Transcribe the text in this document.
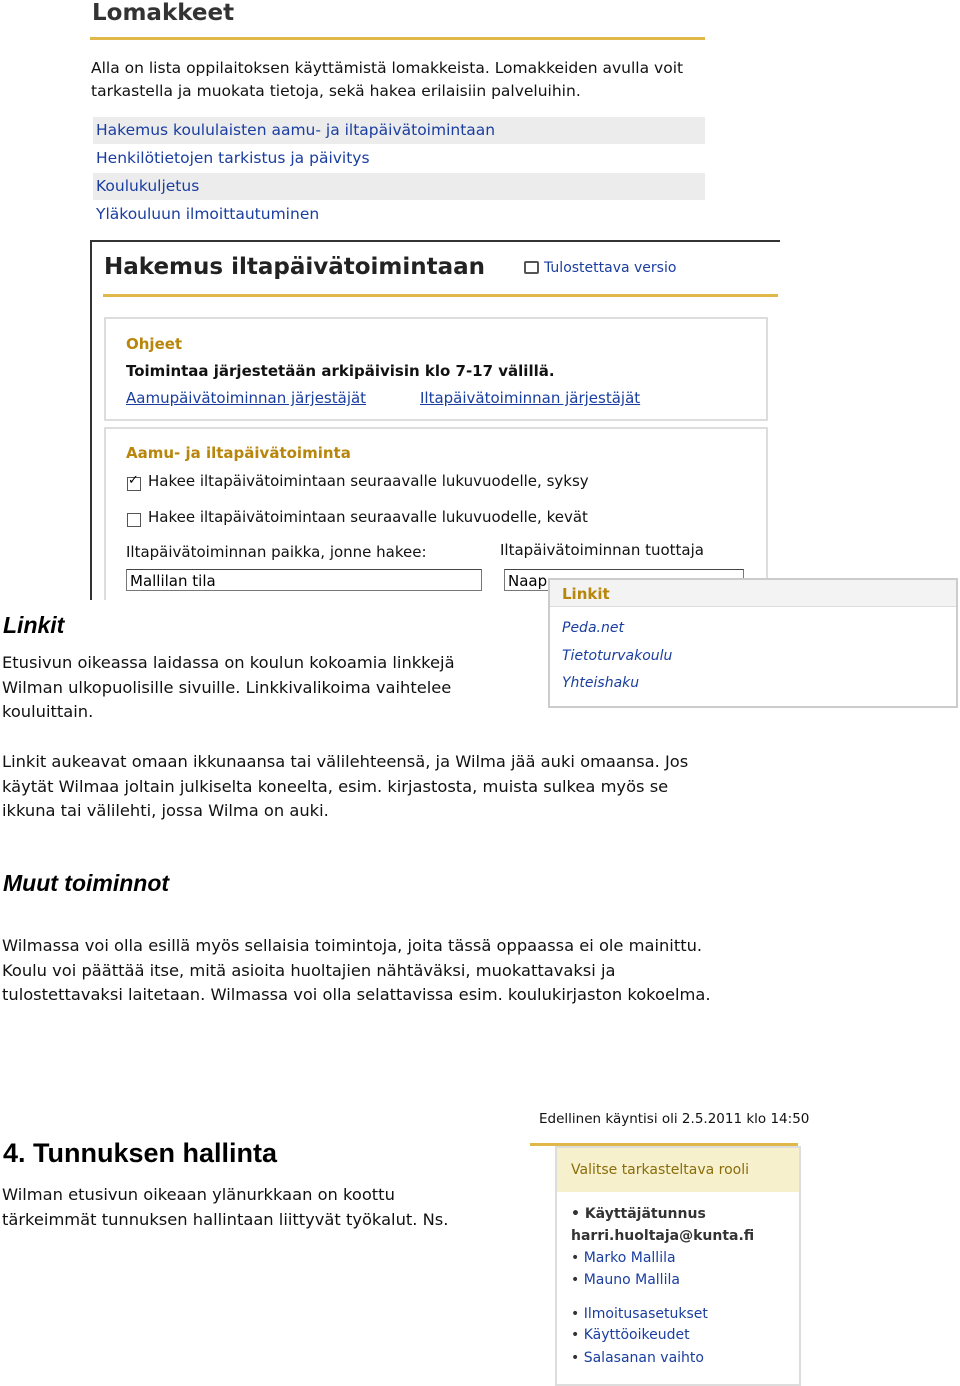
Lomakkeet
Alla on lista oppilaitoksen käyttämistä lomakkeista. Lomakkeiden avulla voit tarkastella ja muokata tietoja, sekä hakea erilaisiin palveluihin.
Hakemus koululaisten aamu- ja iltapäivätoimintaan
Henkilötietojen tarkistus ja päivitys
Koulukuljetus
Yläkouluun ilmoittautuminen
Hakemus iltapäivätoimintaan	Tulostettava versio
Ohjeet
Toimintaa järjestetään arkipäivisin klo 7-17 välillä.
Aamupäivätoiminnan järjestäjät	Iltapäivätoiminnan järjestäjät
Aamu- ja iltapäivätoiminta
✓
Hakee iltapäivätoimintaan seuraavalle lukuvuodelle, syksy
Hakee iltapäivätoimintaan seuraavalle lukuvuodelle, kevät
Iltapäivätoiminnan paikka, jonne hakee:	Iltapäivätoiminnan tuottaja
Mallilan tila	Naap
Linkit
Peda.net
Tietoturvakoulu
Yhteishaku
Linkit
Etusivun oikeassa laidassa on koulun kokoamia linkkejä
Wilman ulkopuolisille sivuille. Linkkivalikoima vaihtelee
kouluittain.
Linkit aukeavat omaan ikkunaansa tai välilehteensä, ja Wilma jää auki omaansa. Jos
käytät Wilmaa joltain julkiselta koneelta, esim. kirjastosta, muista sulkea myös se
ikkuna tai välilehti, jossa Wilma on auki.
Muut toiminnot
Wilmassa voi olla esillä myös sellaisia toimintoja, joita tässä oppaassa ei ole mainittu.
Koulu voi päättää itse, mitä asioita huoltajien nähtäväksi, muokattavaksi ja
tulostettavaksi laitetaan. Wilmassa voi olla selattavissa esim. koulukirjaston kokoelma.
4. Tunnuksen hallinta
Wilman etusivun oikeaan ylänurkkaan on koottu
tärkeimmät tunnuksen hallintaan liittyvät työkalut. Ns.
Edellinen käyntisi oli 2.5.2011 klo 14:50
Valitse tarkasteltava rooli
• Käyttäjätunnus
harri.huoltaja@kunta.fi
• Marko Mallila
• Mauno Mallila
• Ilmoitusasetukset
• Käyttöoikeudet
• Salasanan vaihto
